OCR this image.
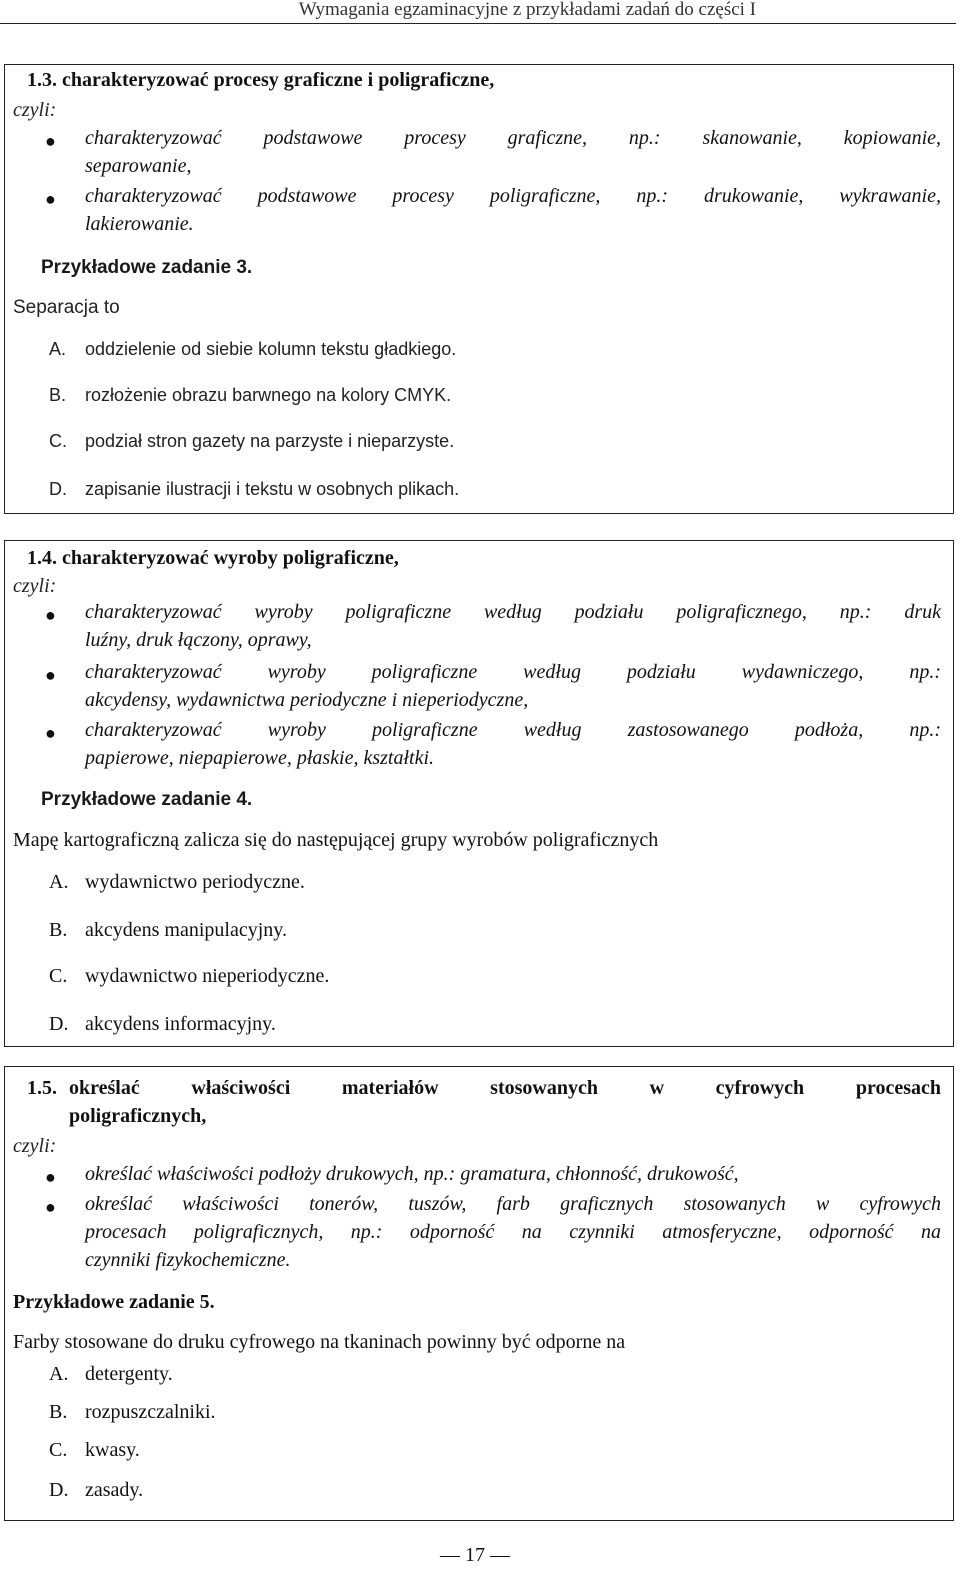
Wymagania egzaminacyjne z przykładami zadań do części I
1.3. charakteryzować procesy graficzne i poligraficzne,
czyli:
● charakteryzować podstawowe procesy graficzne, np.: skanowanie, kopiowanie,
separowanie,
● charakteryzować podstawowe procesy poligraficzne, np.: drukowanie, wykrawanie,
lakierowanie.
Przykładowe zadanie 3.
Separacja to
A. oddzielenie od siebie kolumn tekstu gładkiego.
B. rozłożenie obrazu barwnego na kolory CMYK.
C. podział stron gazety na parzyste i nieparzyste.
D. zapisanie ilustracji i tekstu w osobnych plikach.
1.4. charakteryzować wyroby poligraficzne,
czyli:
● charakteryzować wyroby poligraficzne według podziału poligraficznego, np.: druk
luźny, druk łączony, oprawy,
● charakteryzować wyroby poligraficzne według podziału wydawniczego, np.:
akcydensy, wydawnictwa periodyczne i nieperiodyczne,
● charakteryzować wyroby poligraficzne według zastosowanego podłoża, np.:
papierowe, niepapierowe, płaskie, kształtki.
Przykładowe zadanie 4.
Mapę kartograficzną zalicza się do następującej grupy wyrobów poligraficznych
A. wydawnictwo periodyczne.
B. akcydens manipulacyjny.
C. wydawnictwo nieperiodyczne.
D. akcydens informacyjny.
1.5. określać właściwości materiałów stosowanych w cyfrowych procesach
poligraficznych,
czyli:
● określać właściwości podłoży drukowych, np.: gramatura, chłonność, drukowość,
● określać właściwości tonerów, tuszów, farb graficznych stosowanych w cyfrowych
procesach poligraficznych, np.: odporność na czynniki atmosferyczne, odporność na
czynniki fizykochemiczne.
Przykładowe zadanie 5.
Farby stosowane do druku cyfrowego na tkaninach powinny być odporne na
A. detergenty.
B. rozpuszczalniki.
C. kwasy.
D. zasady.
— 17 —
